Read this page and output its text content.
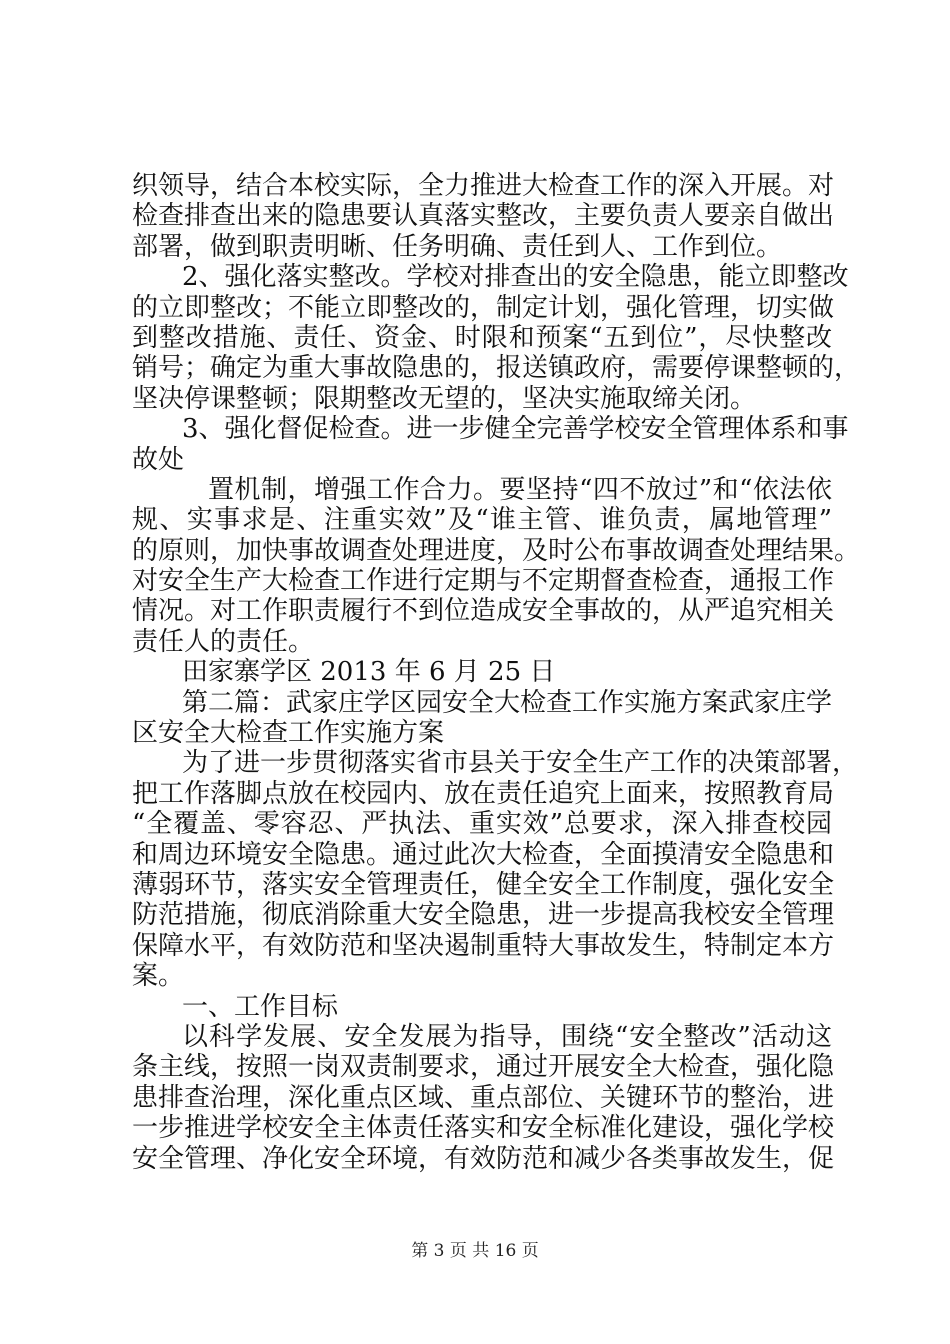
织领导，结合本校实际，全力推进大检查工作的深入开展。对

检查排查出来的隐患要认真落实整改，主要负责人要亲自做出

部署，做到职责明晰、任务明确、责任到人、工作到位。

2、强化落实整改。学校对排查出的安全隐患，能立即整改

的立即整改；不能立即整改的，制定计划，强化管理，切实做

到整改措施、责任、资金、时限和预案“五到位”，尽快整改

销号；确定为重大事故隐患的，报送镇政府，需要停课整顿的，

坚决停课整顿；限期整改无望的，坚决实施取缔关闭。

3、强化督促检查。进一步健全完善学校安全管理体系和事

故处

置机制，增强工作合力。要坚持“四不放过”和“依法依

规、实事求是、注重实效”及“谁主管、谁负责，属地管理”

的原则，加快事故调查处理进度，及时公布事故调查处理结果。

对安全生产大检查工作进行定期与不定期督查检查，通报工作

情况。对工作职责履行不到位造成安全事故的，从严追究相关

责任人的责任。

田家寨学区 2013 年 6 月 25 日

第二篇：武家庄学区园安全大检查工作实施方案武家庄学

区安全大检查工作实施方案

为了进一步贯彻落实省市县关于安全生产工作的决策部署，

把工作落脚点放在校园内、放在责任追究上面来，按照教育局

“全覆盖、零容忍、严执法、重实效”总要求，深入排查校园

和周边环境安全隐患。通过此次大检查，全面摸清安全隐患和

薄弱环节，落实安全管理责任，健全安全工作制度，强化安全

防范措施，彻底消除重大安全隐患，进一步提高我校安全管理

保障水平，有效防范和坚决遏制重特大事故发生，特制定本方

案。

一、工作目标

以科学发展、安全发展为指导，围绕“安全整改”活动这

条主线，按照一岗双责制要求，通过开展安全大检查，强化隐

患排查治理，深化重点区域、重点部位、关键环节的整治，进

一步推进学校安全主体责任落实和安全标准化建设，强化学校

安全管理、净化安全环境，有效防范和减少各类事故发生，促

第 3 页 共 16 页
